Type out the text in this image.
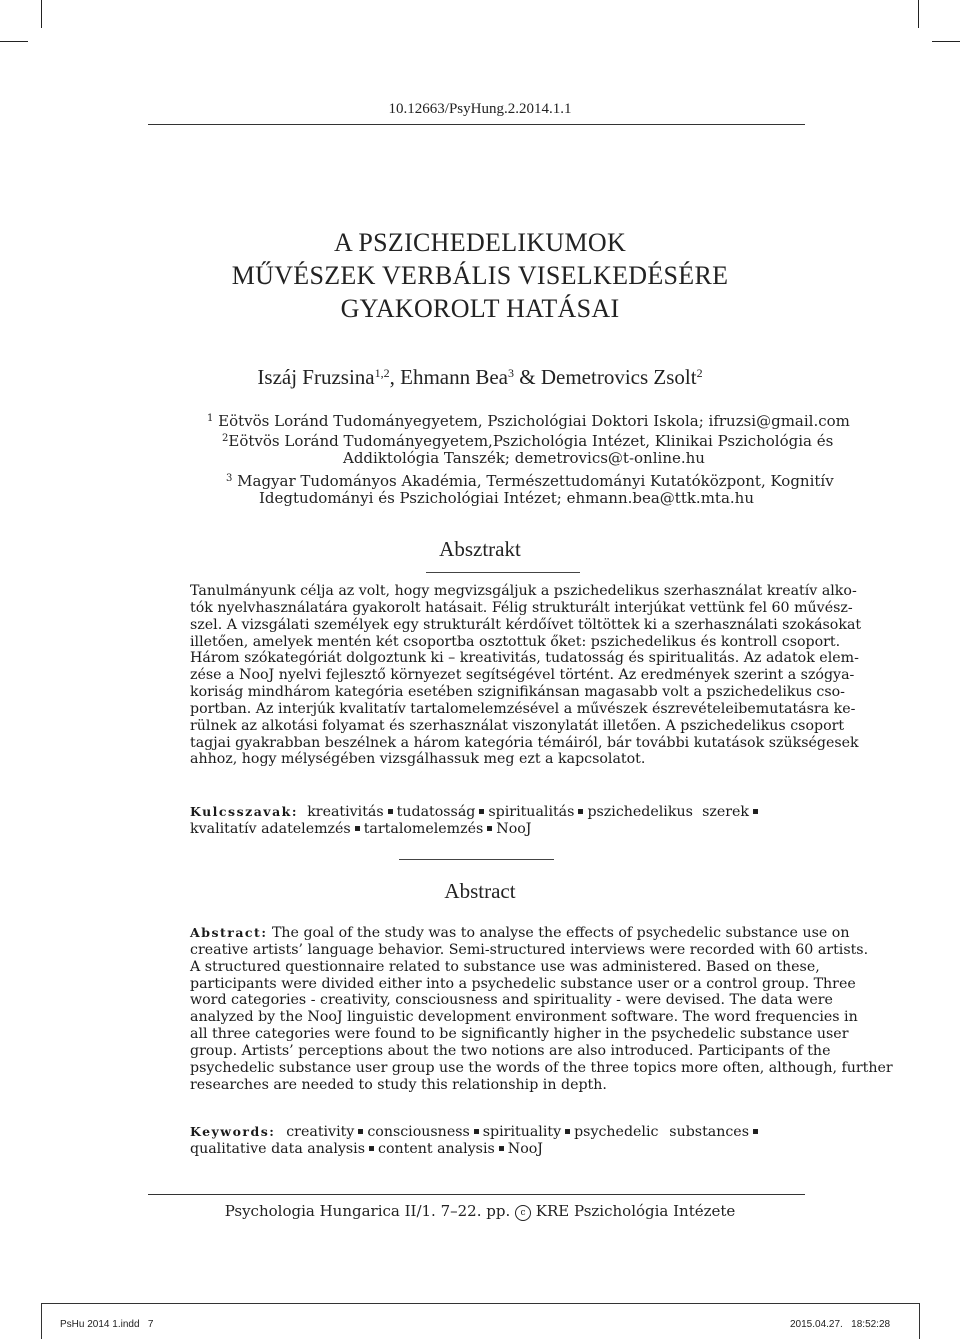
10.12663/PsyHung.2.2014.1.1
A PSZICHEDELIKUMOK
MŰVÉSZEK VERBÁLIS VISELKEDÉSÉRE
GYAKOROLT HATÁSAI
Iszáj Fruzsina$^{1,2}$, Ehmann Bea$^3$ & Demetrovics Zsolt$^2$
$^1$ Eötvös Loránd Tudományegyetem, Pszichológiai Doktori Iskola; ifruzsi@gmail.com
$^2$Eötvös Loránd Tudományegyetem,Pszichológia Intézet, Klinikai Pszichológia és
Addiktológia Tanszék; demetrovics@t-online.hu
$^3$ Magyar Tudományos Akadémia, Természettudományi Kutatóközpont, Kognitív
Idegtudományi és Pszichológiai Intézet; ehmann.bea@ttk.mta.hu
Absztrakt
Tanulmányunk célja az volt, hogy megvizsgáljuk a pszichedelikus szerhasználat kreatív alko-
tók nyelvhasználatára gyakorolt hatásait. Félig strukturált interjúkat vettünk fel 60 művész-
szel. A vizsgálati személyek egy strukturált kérdőívet töltöttek ki a szerhasználati szokásokat
illetően, amelyek mentén két csoportba osztottuk őket: pszichedelikus és kontroll csoport.
Három szókategóriát dolgoztunk ki – kreativitás, tudatosság és spiritualitás. Az adatok elem-
zése a NooJ nyelvi fejlesztő környezet segítségével történt. Az eredmények szerint a szógya-
koriság mindhárom kategória esetében szignifikánsan magasabb volt a pszichedelikus cso-
portban. Az interjúk kvalitatív tartalomelemzésével a művészek észrevételeibemutatásra ke-
rülnek az alkotási folyamat és szerhasználat viszonylatát illetően. A pszichedelikus csoport
tagjai gyakrabban beszélnek a három kategória témáiról, bár további kutatások szükségesek
ahhoz, hogy mélységében vizsgálhassuk meg ezt a kapcsolatot.
Kulcsszavak: kreativitás tudatosság spiritualitás pszichedelikus szerekkvalitatív adatelemzés tartalomelemzés NooJ
Abstract
Abstract: The goal of the study was to analyse the effects of psychedelic substance use on
creative artists’ language behavior. Semi-structured interviews were recorded with 60 artists.
A structured questionnaire related to substance use was administered. Based on these,
participants were divided either into a psychedelic substance user or a control group. Three
word categories - creativity, consciousness and spirituality - were devised. The data were
analyzed by the NooJ linguistic development environment software. The word frequencies in
all three categories were found to be significantly higher in the psychedelic substance user
group. Artists’ perceptions about the two notions are also introduced. Participants of the
psychedelic substance user group use the words of the three topics more often, although, further
researches are needed to study this relationship in depth.
Keywords: creativity consciousness spirituality psychedelic substancesqualitative data analysis content analysis NooJ
Psychologia Hungarica II/1. 7–22. pp. c KRE Pszichológia Intézete
PsHu 2014 1.indd   7	2015.04.27.   18:52:28
